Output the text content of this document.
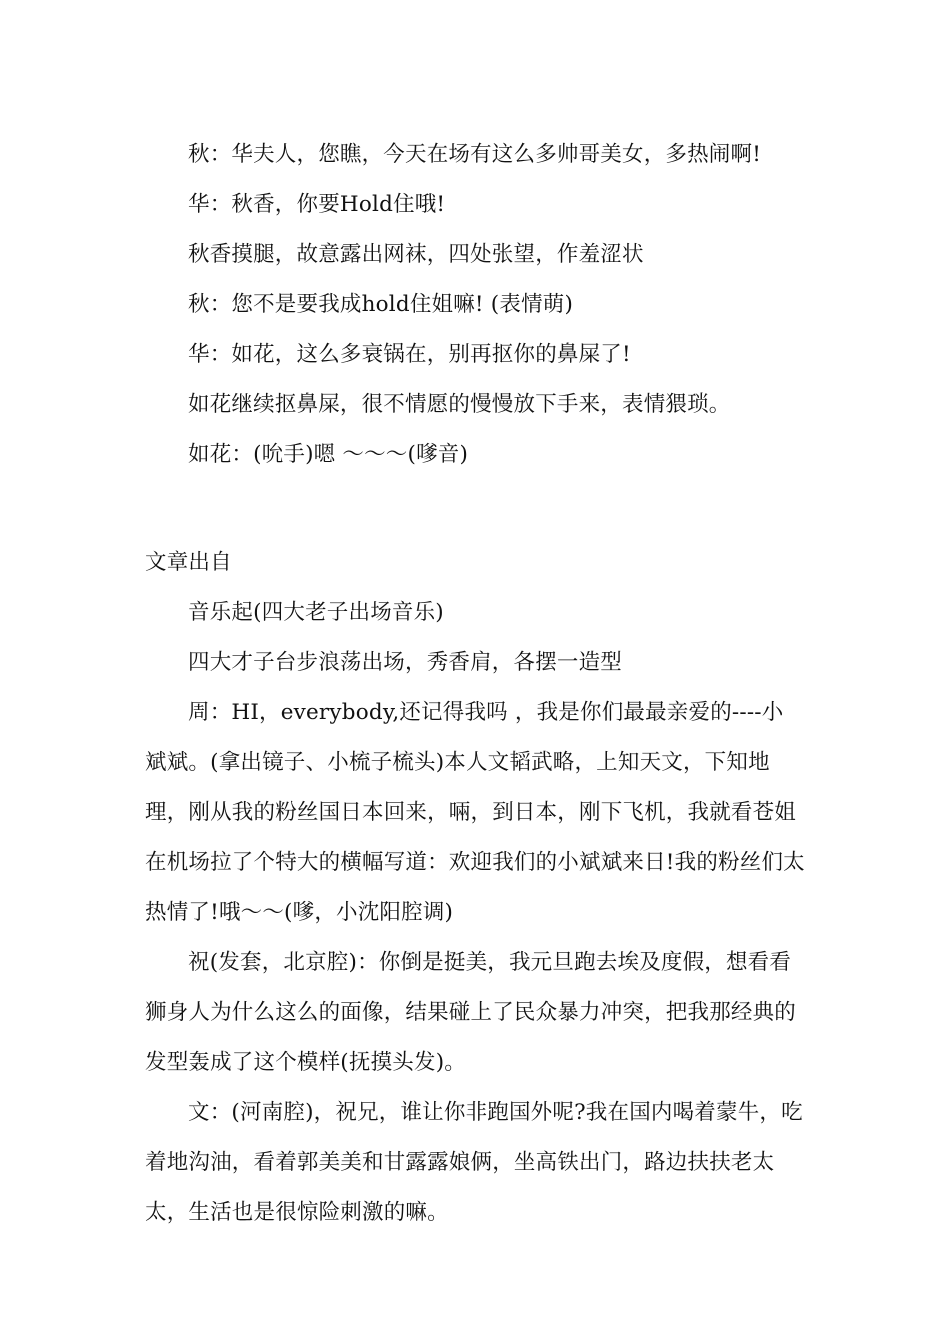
秋：华夫人，您瞧，今天在场有这么多帅哥美女，多热闹啊!

华：秋香，你要Hold住哦!

秋香摸腿，故意露出网袜，四处张望，作羞涩状

秋：您不是要我成hold住姐嘛! (表情萌)

华：如花，这么多衰锅在，别再抠你的鼻屎了!

如花继续抠鼻屎，很不情愿的慢慢放下手来，表情猥琐。

如花：(吮手)嗯 ～～～(嗲音)

文章出自

音乐起(四大老子出场音乐)

四大才子台步浪荡出场，秀香肩，各摆一造型

周：HI，everybody,还记得我吗 ，我是你们最最亲爱的----小斌斌。(拿出镜子、小梳子梳头)本人文韬武略，上知天文，下知地理，刚从我的粉丝国日本回来，啢，到日本，刚下飞机，我就看苍姐在机场拉了个特大的横幅写道：欢迎我们的小斌斌来日!我的粉丝们太热情了!哦～～(嗲，小沈阳腔调)

祝(发套，北京腔)：你倒是挺美，我元旦跑去埃及度假，想看看狮身人为什么这么的面像，结果碰上了民众暴力冲突，把我那经典的发型轰成了这个模样(抚摸头发)。

文：(河南腔)，祝兄，谁让你非跑国外呢?我在国内喝着蒙牛，吃着地沟油，看着郭美美和甘露露娘俩，坐高铁出门，路边扶扶老太太，生活也是很惊险刺激的嘛。
